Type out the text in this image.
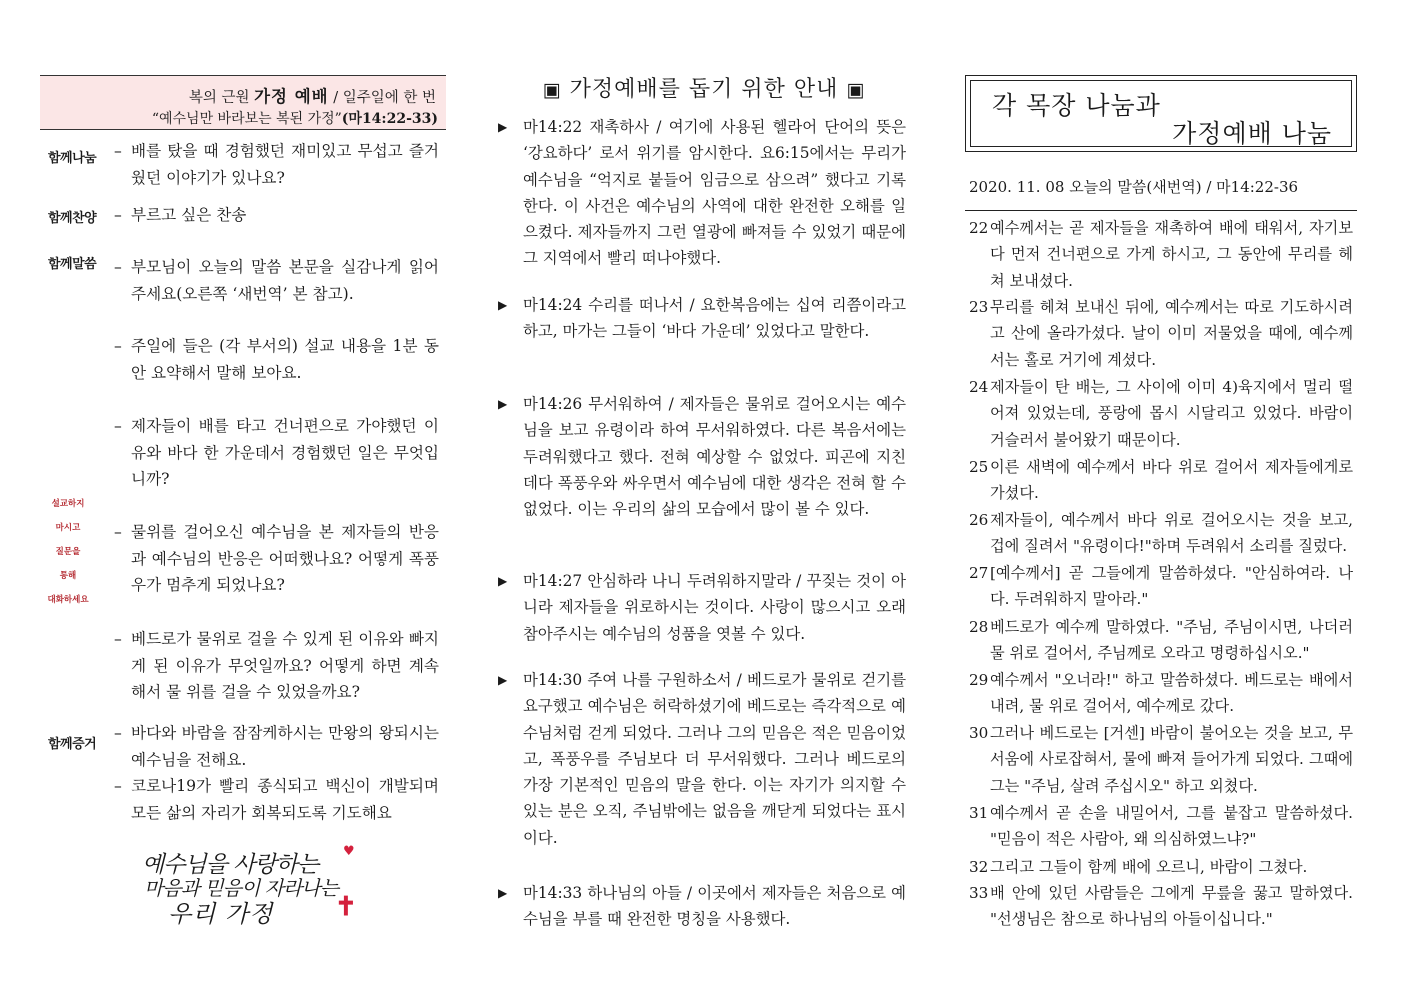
복의 근원 가정 예배 / 일주일에 한 번
“예수님만 바라보는 복된 가정”(마14:22-33)
함께나눔 – 배를 탔을 때 경험했던 재미있고 무섭고 즐거웠던 이야기가 있나요?
함께찬양 – 부르고 싶은 찬송
함께말씀 – 부모님이 오늘의 말씀 본문을 실감나게 읽어주세요(오른쪽 ‘새번역’ 본 참고).
– 주일에 들은 (각 부서의) 설교 내용을 1분 동안 요약해서 말해 보아요.
– 제자들이 배를 타고 건너편으로 가야했던 이유와 바다 한 가운데서 경험했던 일은 무엇입니까?
– 물위를 걸어오신 예수님을 본 제자들의 반응과 예수님의 반응은 어떠했나요? 어떻게 폭풍우가 멈추게 되었나요?
– 베드로가 물위로 걸을 수 있게 된 이유와 빠지게 된 이유가 무엇일까요? 어떻게 하면 계속해서 물 위를 걸을 수 있었을까요?
설교하지
마시고
질문을
통해
대화하세요
함께증거
– 바다와 바람을 잠잠케하시는 만왕의 왕되시는 예수님을 전해요.
– 코로나19가 빨리 종식되고 백신이 개발되며 모든 삶의 자리가 회복되도록 기도해요
예수님을 사랑하는
♥
마음과 믿음이 자라나는
우리 가정 ✝
▣ 가정예배를 돕기 위한 안내 ▣
▶ 마14:22 재촉하사 / 여기에 사용된 헬라어 단어의 뜻은 ‘강요하다’ 로서 위기를 암시한다. 요6:15에서는 무리가 예수님을 “억지로 붙들어 임금으로 삼으려” 했다고 기록한다. 이 사건은 예수님의 사역에 대한 완전한 오해를 일으켰다. 제자들까지 그런 열광에 빠져들 수 있었기 때문에 그 지역에서 빨리 떠나야했다.
▶ 마14:24 수리를 떠나서 / 요한복음에는 십여 리쯤이라고 하고, 마가는 그들이 ‘바다 가운데’ 있었다고 말한다.
▶ 마14:26 무서워하여 / 제자들은 물위로 걸어오시는 예수님을 보고 유령이라 하여 무서워하였다. 다른 복음서에는 두려워했다고 했다. 전혀 예상할 수 없었다. 피곤에 지친데다 폭풍우와 싸우면서 예수님에 대한 생각은 전혀 할 수 없었다. 이는 우리의 삶의 모습에서 많이 볼 수 있다.
▶ 마14:27 안심하라 나니 두려워하지말라 / 꾸짖는 것이 아니라 제자들을 위로하시는 것이다. 사랑이 많으시고 오래 참아주시는 예수님의 성품을 엿볼 수 있다.
▶ 마14:30 주여 나를 구원하소서 / 베드로가 물위로 걷기를 요구했고 예수님은 허락하셨기에 베드로는 즉각적으로 예수님처럼 걷게 되었다. 그러나 그의 믿음은 적은 믿음이었고, 폭풍우를 주님보다 더 무서워했다. 그러나 베드로의 가장 기본적인 믿음의 말을 한다. 이는 자기가 의지할 수 있는 분은 오직, 주님밖에는 없음을 깨닫게 되었다는 표시이다.
▶ 마14:33 하나님의 아들 / 이곳에서 제자들은 처음으로 예수님을 부를 때 완전한 명칭을 사용했다.
각 목장 나눔과
가정예배 나눔
2020. 11. 08 오늘의 말씀(새번역) / 마14:22-36
22 예수께서는 곧 제자들을 재촉하여 배에 태워서, 자기보다 먼저 건너편으로 가게 하시고, 그 동안에 무리를 헤쳐 보내셨다.
23 무리를 헤쳐 보내신 뒤에, 예수께서는 따로 기도하시려고 산에 올라가셨다. 날이 이미 저물었을 때에, 예수께서는 홀로 거기에 계셨다.
24 제자들이 탄 배는, 그 사이에 이미 4)육지에서 멀리 떨어져 있었는데, 풍랑에 몹시 시달리고 있었다. 바람이 거슬러서 불어왔기 때문이다.
25 이른 새벽에 예수께서 바다 위로 걸어서 제자들에게로 가셨다.
26 제자들이, 예수께서 바다 위로 걸어오시는 것을 보고, 겁에 질려서 "유령이다!"하며 두려워서 소리를 질렀다.
27 [예수께서] 곧 그들에게 말씀하셨다. "안심하여라. 나다. 두려워하지 말아라."
28 베드로가 예수께 말하였다. "주님, 주님이시면, 나더러 물 위로 걸어서, 주님께로 오라고 명령하십시오."
29 예수께서 "오너라!" 하고 말씀하셨다. 베드로는 배에서 내려, 물 위로 걸어서, 예수께로 갔다.
30 그러나 베드로는 [거센] 바람이 불어오는 것을 보고, 무서움에 사로잡혀서, 물에 빠져 들어가게 되었다. 그때에 그는 "주님, 살려 주십시오" 하고 외쳤다.
31 예수께서 곧 손을 내밀어서, 그를 붙잡고 말씀하셨다. "믿음이 적은 사람아, 왜 의심하였느냐?"
32 그리고 그들이 함께 배에 오르니, 바람이 그쳤다.
33 배 안에 있던 사람들은 그에게 무릎을 꿇고 말하였다. "선생님은 참으로 하나님의 아들이십니다."
